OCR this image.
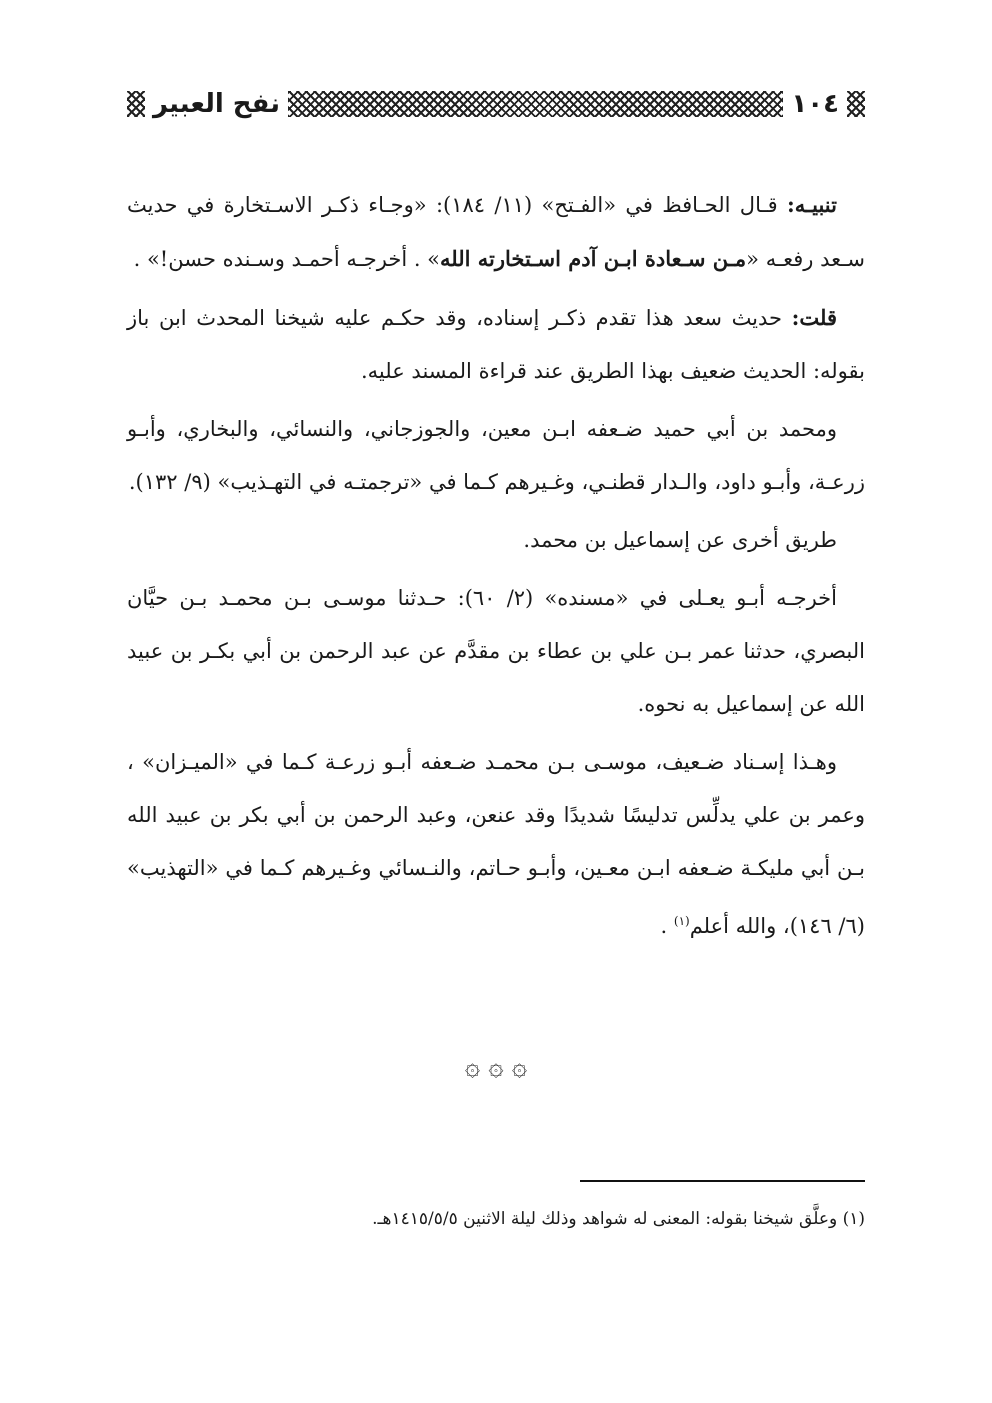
١٠٤
نفح العبير

تنبيـه: قـال الحـافظ في «الفـتح» (١١/ ١٨٤): «وجـاء ذكـر الاسـتخارة في حديث سـعد رفعـه «مـن سـعادة ابـن آدم اسـتخارته الله» . أخرجـه أحمـد وسـنده حسن!» .

قلت: حديث سعد هذا تقدم ذكـر إسناده، وقد حكـم عليه شيخنا المحدث ابن باز بقوله: الحديث ضعيف بهذا الطريق عند قراءة المسند عليه.

ومحمد بن أبي حميد ضـعفه ابـن معين، والجوزجاني، والنسائي، والبخاري، وأبـو زرعـة، وأبـو داود، والـدار قطنـي، وغـيرهم كـما في «ترجمتـه في التهـذيب» (٩/ ١٣٢).

طريق أخرى عن إسماعيل بن محمد.

أخرجـه أبـو يعـلى في «مسنده» (٢/ ٦٠): حـدثنا موسـى بـن محمـد بـن حيَّان البصري، حدثنا عمر بـن علي بن عطاء بن مقدَّم عن عبد الرحمن بن أبي بكـر بن عبيد الله عن إسماعيل به نحوه.

وهـذا إسـناد ضـعيف، موسـى بـن محمـد ضـعفه أبـو زرعـة كـما في «الميـزان» ، وعمر بن علي يدلِّس تدليسًا شديدًا وقد عنعن، وعبد الرحمن بن أبي بكر بن عبيد الله بـن أبي مليكـة ضـعفه ابـن معـين، وأبـو حـاتم، والنـسائي وغـيرهم كـما في «التهذيب» (٦/ ١٤٦)، والله أعلم$^{(١)}$ .

۞ ۞ ۞
(١) وعلَّق شيخنا بقوله: المعنى له شواهد وذلك ليلة الاثنين ١٤١٥/٥/٥هـ.
